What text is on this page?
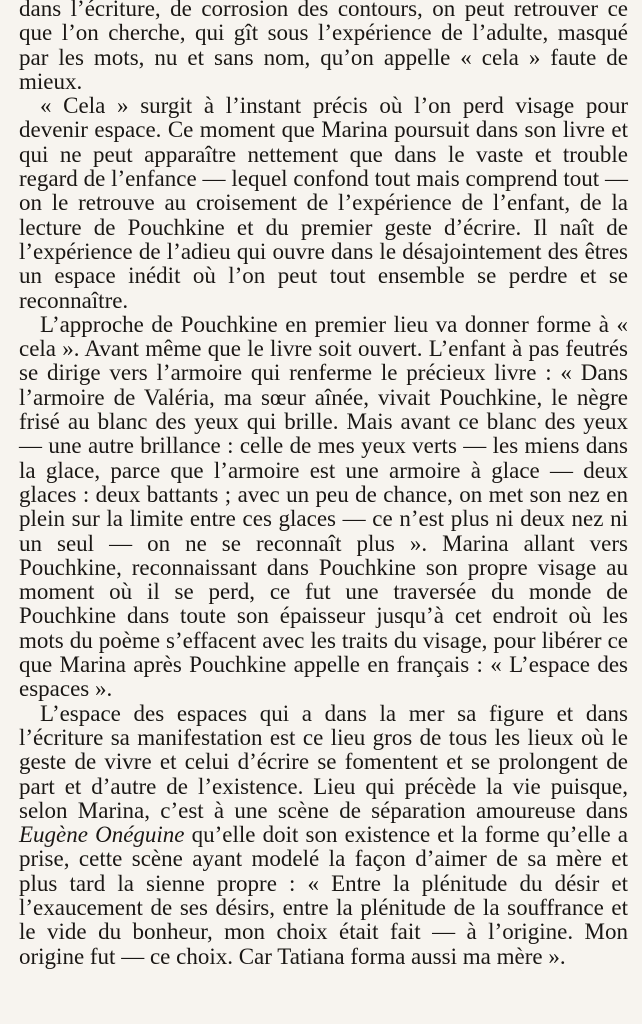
dans l’écriture, de corrosion des contours, on peut retrouver ce que l’on cherche, qui gît sous l’expérience de l’adulte, masqué par les mots, nu et sans nom, qu’on appelle « cela » faute de mieux.

« Cela » surgit à l’instant précis où l’on perd visage pour devenir espace. Ce moment que Marina poursuit dans son livre et qui ne peut apparaître nettement que dans le vaste et trouble regard de l’enfance — lequel confond tout mais comprend tout — on le retrouve au croisement de l’expérience de l’enfant, de la lecture de Pouchkine et du premier geste d’écrire. Il naît de l’expérience de l’adieu qui ouvre dans le désajointement des êtres un espace inédit où l’on peut tout ensemble se perdre et se reconnaître.

L’approche de Pouchkine en premier lieu va donner forme à « cela ». Avant même que le livre soit ouvert. L’enfant à pas feutrés se dirige vers l’armoire qui renferme le précieux livre : « Dans l’armoire de Valéria, ma sœur aînée, vivait Pouchkine, le nègre frisé au blanc des yeux qui brille. Mais avant ce blanc des yeux — une autre brillance : celle de mes yeux verts — les miens dans la glace, parce que l’armoire est une armoire à glace — deux glaces : deux battants ; avec un peu de chance, on met son nez en plein sur la limite entre ces glaces — ce n’est plus ni deux nez ni un seul — on ne se reconnaît plus ». Marina allant vers Pouchkine, reconnaissant dans Pouchkine son propre visage au moment où il se perd, ce fut une traversée du monde de Pouchkine dans toute son épaisseur jusqu’à cet endroit où les mots du poème s’effacent avec les traits du visage, pour libérer ce que Marina après Pouchkine appelle en français : « L’espace des espaces ».

L’espace des espaces qui a dans la mer sa figure et dans l’écriture sa manifestation est ce lieu gros de tous les lieux où le geste de vivre et celui d’écrire se fomentent et se prolongent de part et d’autre de l’existence. Lieu qui précède la vie puisque, selon Marina, c’est à une scène de séparation amoureuse dans Eugène Onéguine qu’elle doit son existence et la forme qu’elle a prise, cette scène ayant modelé la façon d’aimer de sa mère et plus tard la sienne propre : « Entre la plénitude du désir et l’exaucement de ses désirs, entre la plénitude de la souffrance et le vide du bonheur, mon choix était fait — à l’origine. Mon origine fut — ce choix. Car Tatiana forma aussi ma mère ».
